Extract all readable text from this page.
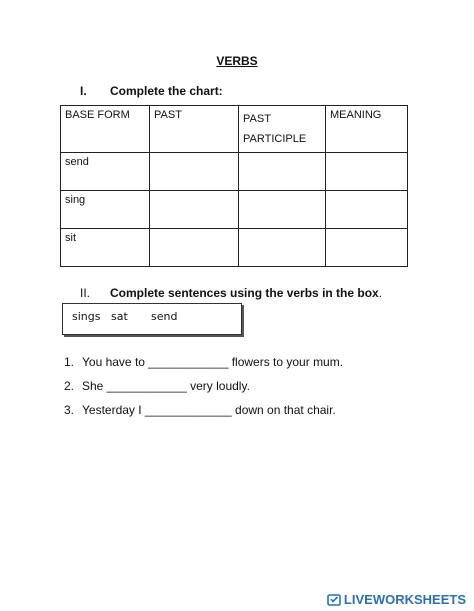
VERBS
I. Complete the chart:
BASE FORM	PAST	PAST PARTICIPLE	MEANING
send			
sing			
sit			
II. Complete sentences using the verbs in the box.
sings sat send
1. You have to ____________ flowers to your mum.
2. She ____________ very loudly.
3. Yesterday I _____________ down on that chair.
LIVEWORKSHEETS
